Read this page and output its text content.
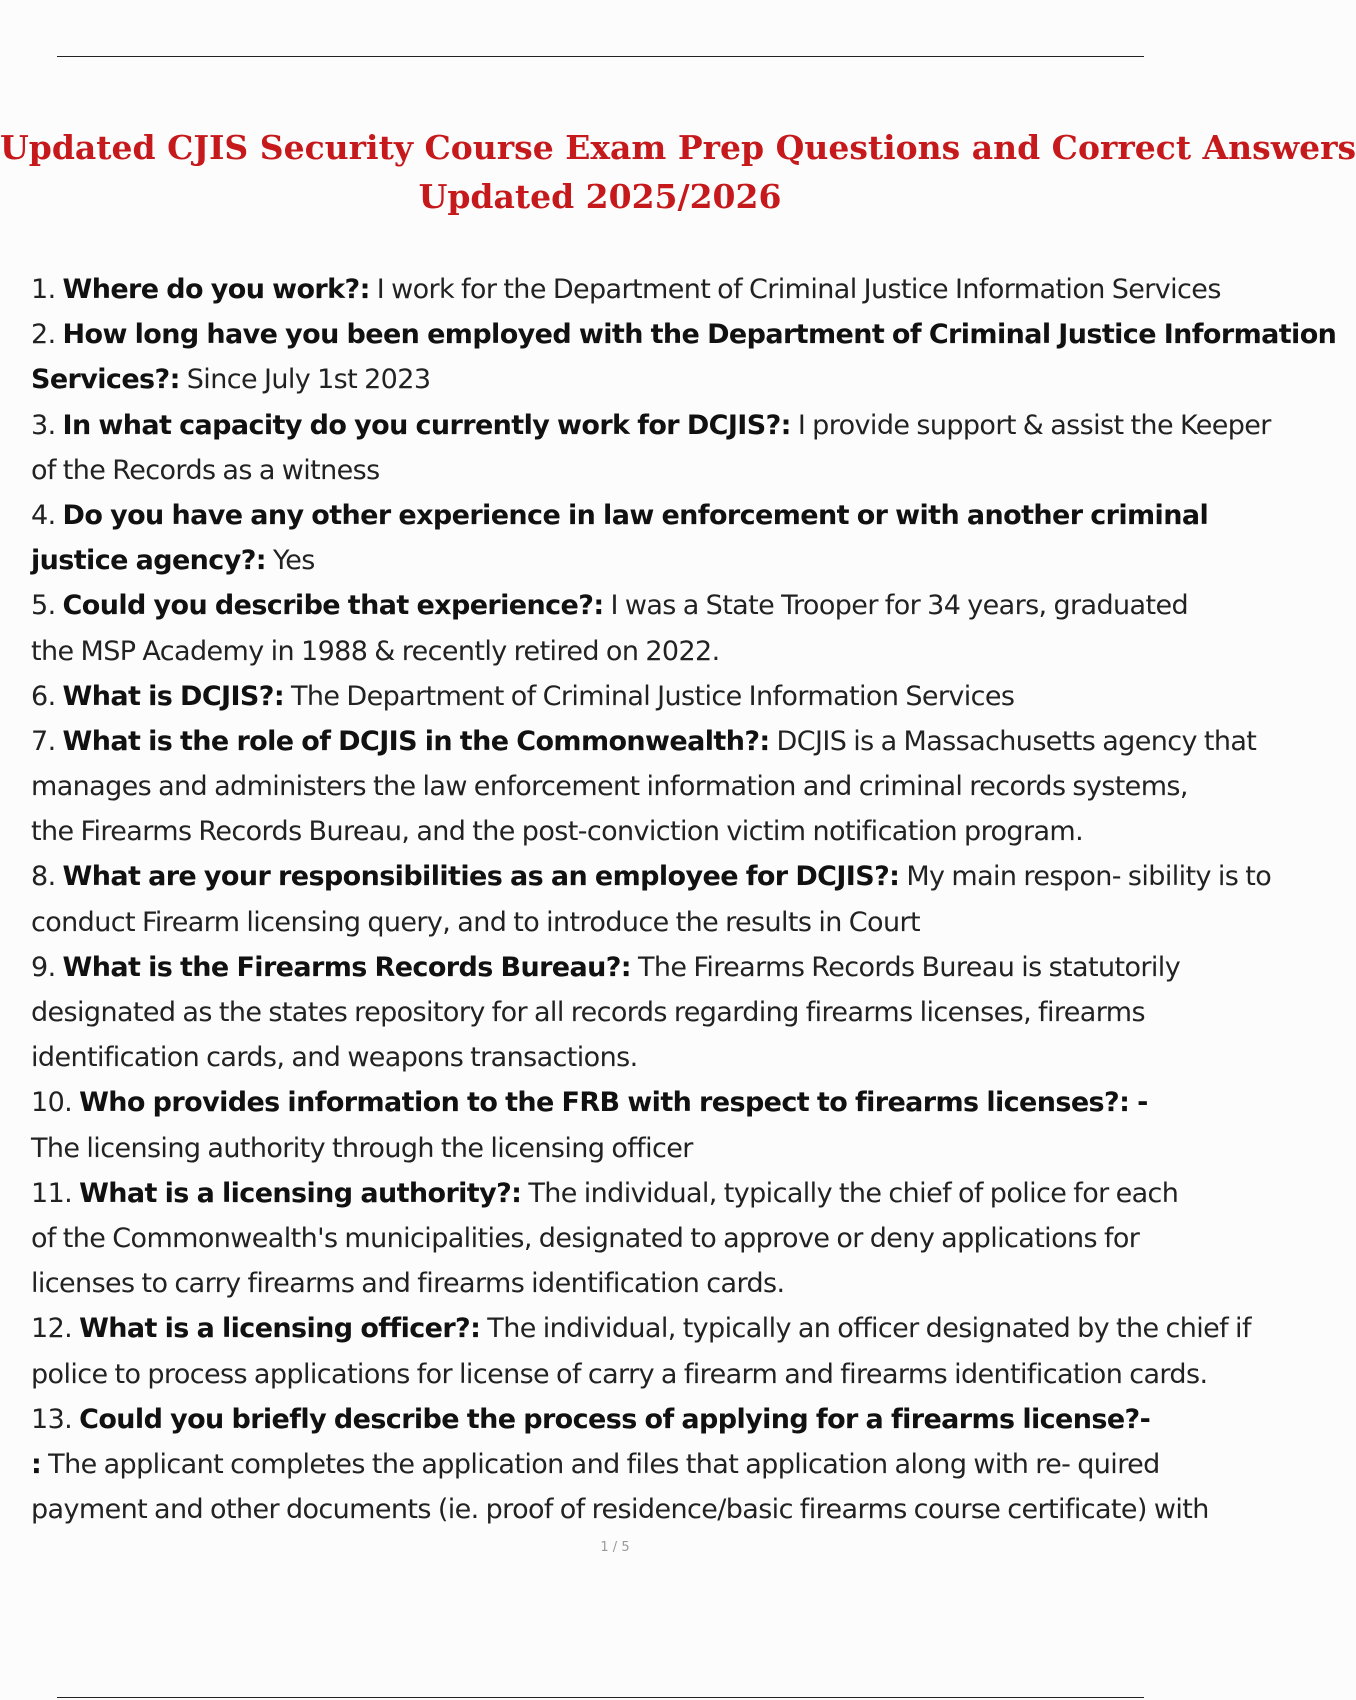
Updated CJIS Security Course Exam Prep Questions and Correct Answers
Updated 2025/2026
1. Where do you work?: I work for the Department of Criminal Justice Information Services
2. How long have you been employed with the Department of Criminal Justice Information
Services?: Since July 1st 2023
3. In what capacity do you currently work for DCJIS?: I provide support & assist the Keeper
of the Records as a witness
4. Do you have any other experience in law enforcement or with another criminal
justice agency?: Yes
5. Could you describe that experience?: I was a State Trooper for 34 years, graduated
the MSP Academy in 1988 & recently retired on 2022.
6. What is DCJIS?: The Department of Criminal Justice Information Services
7. What is the role of DCJIS in the Commonwealth?: DCJIS is a Massachusetts agency that
manages and administers the law enforcement information and criminal records systems,
the Firearms Records Bureau, and the post-conviction victim notification program.
8. What are your responsibilities as an employee for DCJIS?: My main respon- sibility is to
conduct Firearm licensing query, and to introduce the results in Court
9. What is the Firearms Records Bureau?: The Firearms Records Bureau is statutorily
designated as the states repository for all records regarding firearms licenses, firearms
identification cards, and weapons transactions.
10. Who provides information to the FRB with respect to firearms licenses?: -
The licensing authority through the licensing officer
11. What is a licensing authority?: The individual, typically the chief of police for each
of the Commonwealth's municipalities, designated to approve or deny applications for
licenses to carry firearms and firearms identification cards.
12. What is a licensing officer?: The individual, typically an officer designated by the chief if
police to process applications for license of carry a firearm and firearms identification cards.
13. Could you briefly describe the process of applying for a firearms license?-
: The applicant completes the application and files that application along with re- quired
payment and other documents (ie. proof of residence/basic firearms course certificate) with
1 / 5
